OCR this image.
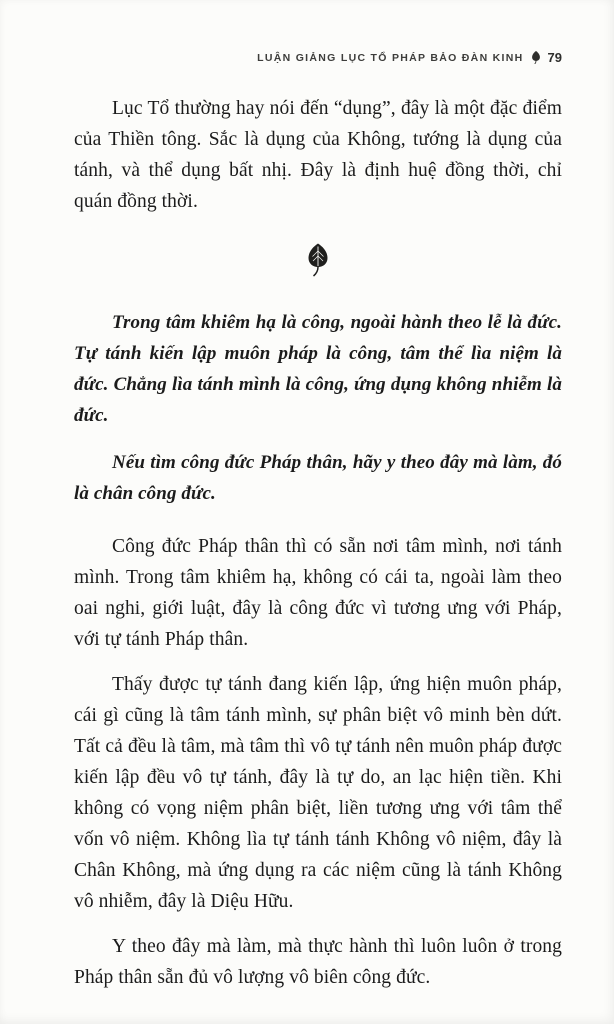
LUẬN GIẢNG LỤC TỔ PHÁP BẢO ĐÀN KINH 79

Lục Tổ thường hay nói đến “dụng”, đây là một đặc điểm của Thiền tông. Sắc là dụng của Không, tướng là dụng của tánh, và thể dụng bất nhị. Đây là định huệ đồng thời, chỉ quán đồng thời.

Trong tâm khiêm hạ là công, ngoài hành theo lễ là đức. Tự tánh kiến lập muôn pháp là công, tâm thể lìa niệm là đức. Chẳng lìa tánh mình là công, ứng dụng không nhiễm là đức.

Nếu tìm công đức Pháp thân, hãy y theo đây mà làm, đó là chân công đức.

Công đức Pháp thân thì có sẵn nơi tâm mình, nơi tánh mình. Trong tâm khiêm hạ, không có cái ta, ngoài làm theo oai nghi, giới luật, đây là công đức vì tương ưng với Pháp, với tự tánh Pháp thân.

Thấy được tự tánh đang kiến lập, ứng hiện muôn pháp, cái gì cũng là tâm tánh mình, sự phân biệt vô minh bèn dứt. Tất cả đều là tâm, mà tâm thì vô tự tánh nên muôn pháp được kiến lập đều vô tự tánh, đây là tự do, an lạc hiện tiền. Khi không có vọng niệm phân biệt, liền tương ưng với tâm thể vốn vô niệm. Không lìa tự tánh tánh Không vô niệm, đây là Chân Không, mà ứng dụng ra các niệm cũng là tánh Không vô nhiễm, đây là Diệu Hữu.

Y theo đây mà làm, mà thực hành thì luôn luôn ở trong Pháp thân sẵn đủ vô lượng vô biên công đức.
